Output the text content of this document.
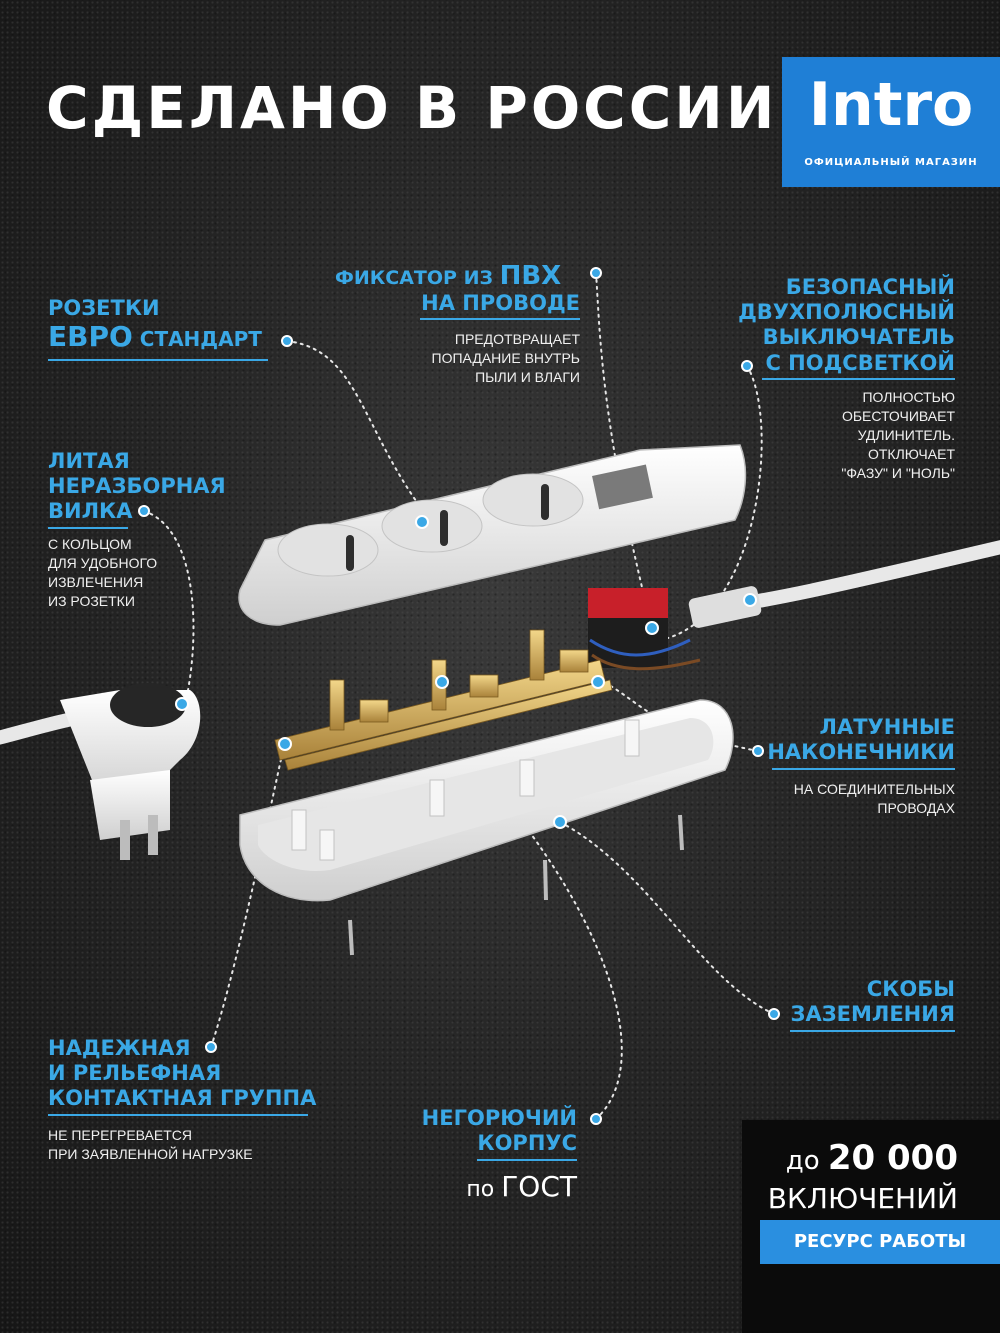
СДЕЛАНО В РОССИИ Intro
ОФИЦИАЛЬНЫЙ МАГАЗИН
РОЗЕТКИ
ЕВРО СТАНДАРТ
ФИКСАТОР ИЗ ПВХ
НА ПРОВОДЕ
ПРЕДОТВРАЩАЕТ
ПОПАДАНИЕ ВНУТРЬ
ПЫЛИ И ВЛАГИ
БЕЗОПАСНЫЙ
ДВУХПОЛЮСНЫЙ
ВЫКЛЮЧАТЕЛЬ
С ПОДСВЕТКОЙ
ПОЛНОСТЬЮ
ОБЕСТОЧИВАЕТ
УДЛИНИТЕЛЬ.
ОТКЛЮЧАЕТ
"ФАЗУ" И "НОЛЬ"
ЛИТАЯ
НЕРАЗБОРНАЯ
ВИЛКА
С КОЛЬЦОМ
ДЛЯ УДОБНОГО
ИЗВЛЕЧЕНИЯ
ИЗ РОЗЕТКИ
ЛАТУННЫЕ
НАКОНЕЧНИКИ
НА СОЕДИНИТЕЛЬНЫХ
ПРОВОДАХ
СКОБЫ
ЗАЗЕМЛЕНИЯ
НАДЕЖНАЯ
И РЕЛЬЕФНАЯ
КОНТАКТНАЯ ГРУППА
НЕ ПЕРЕГРЕВАЕТСЯ
ПРИ ЗАЯВЛЕННОЙ НАГРУЗКЕ
НЕГОРЮЧИЙ
КОРПУС
по ГОСТ
до 20 000
ВКЛЮЧЕНИЙ
РЕСУРС РАБОТЫ
